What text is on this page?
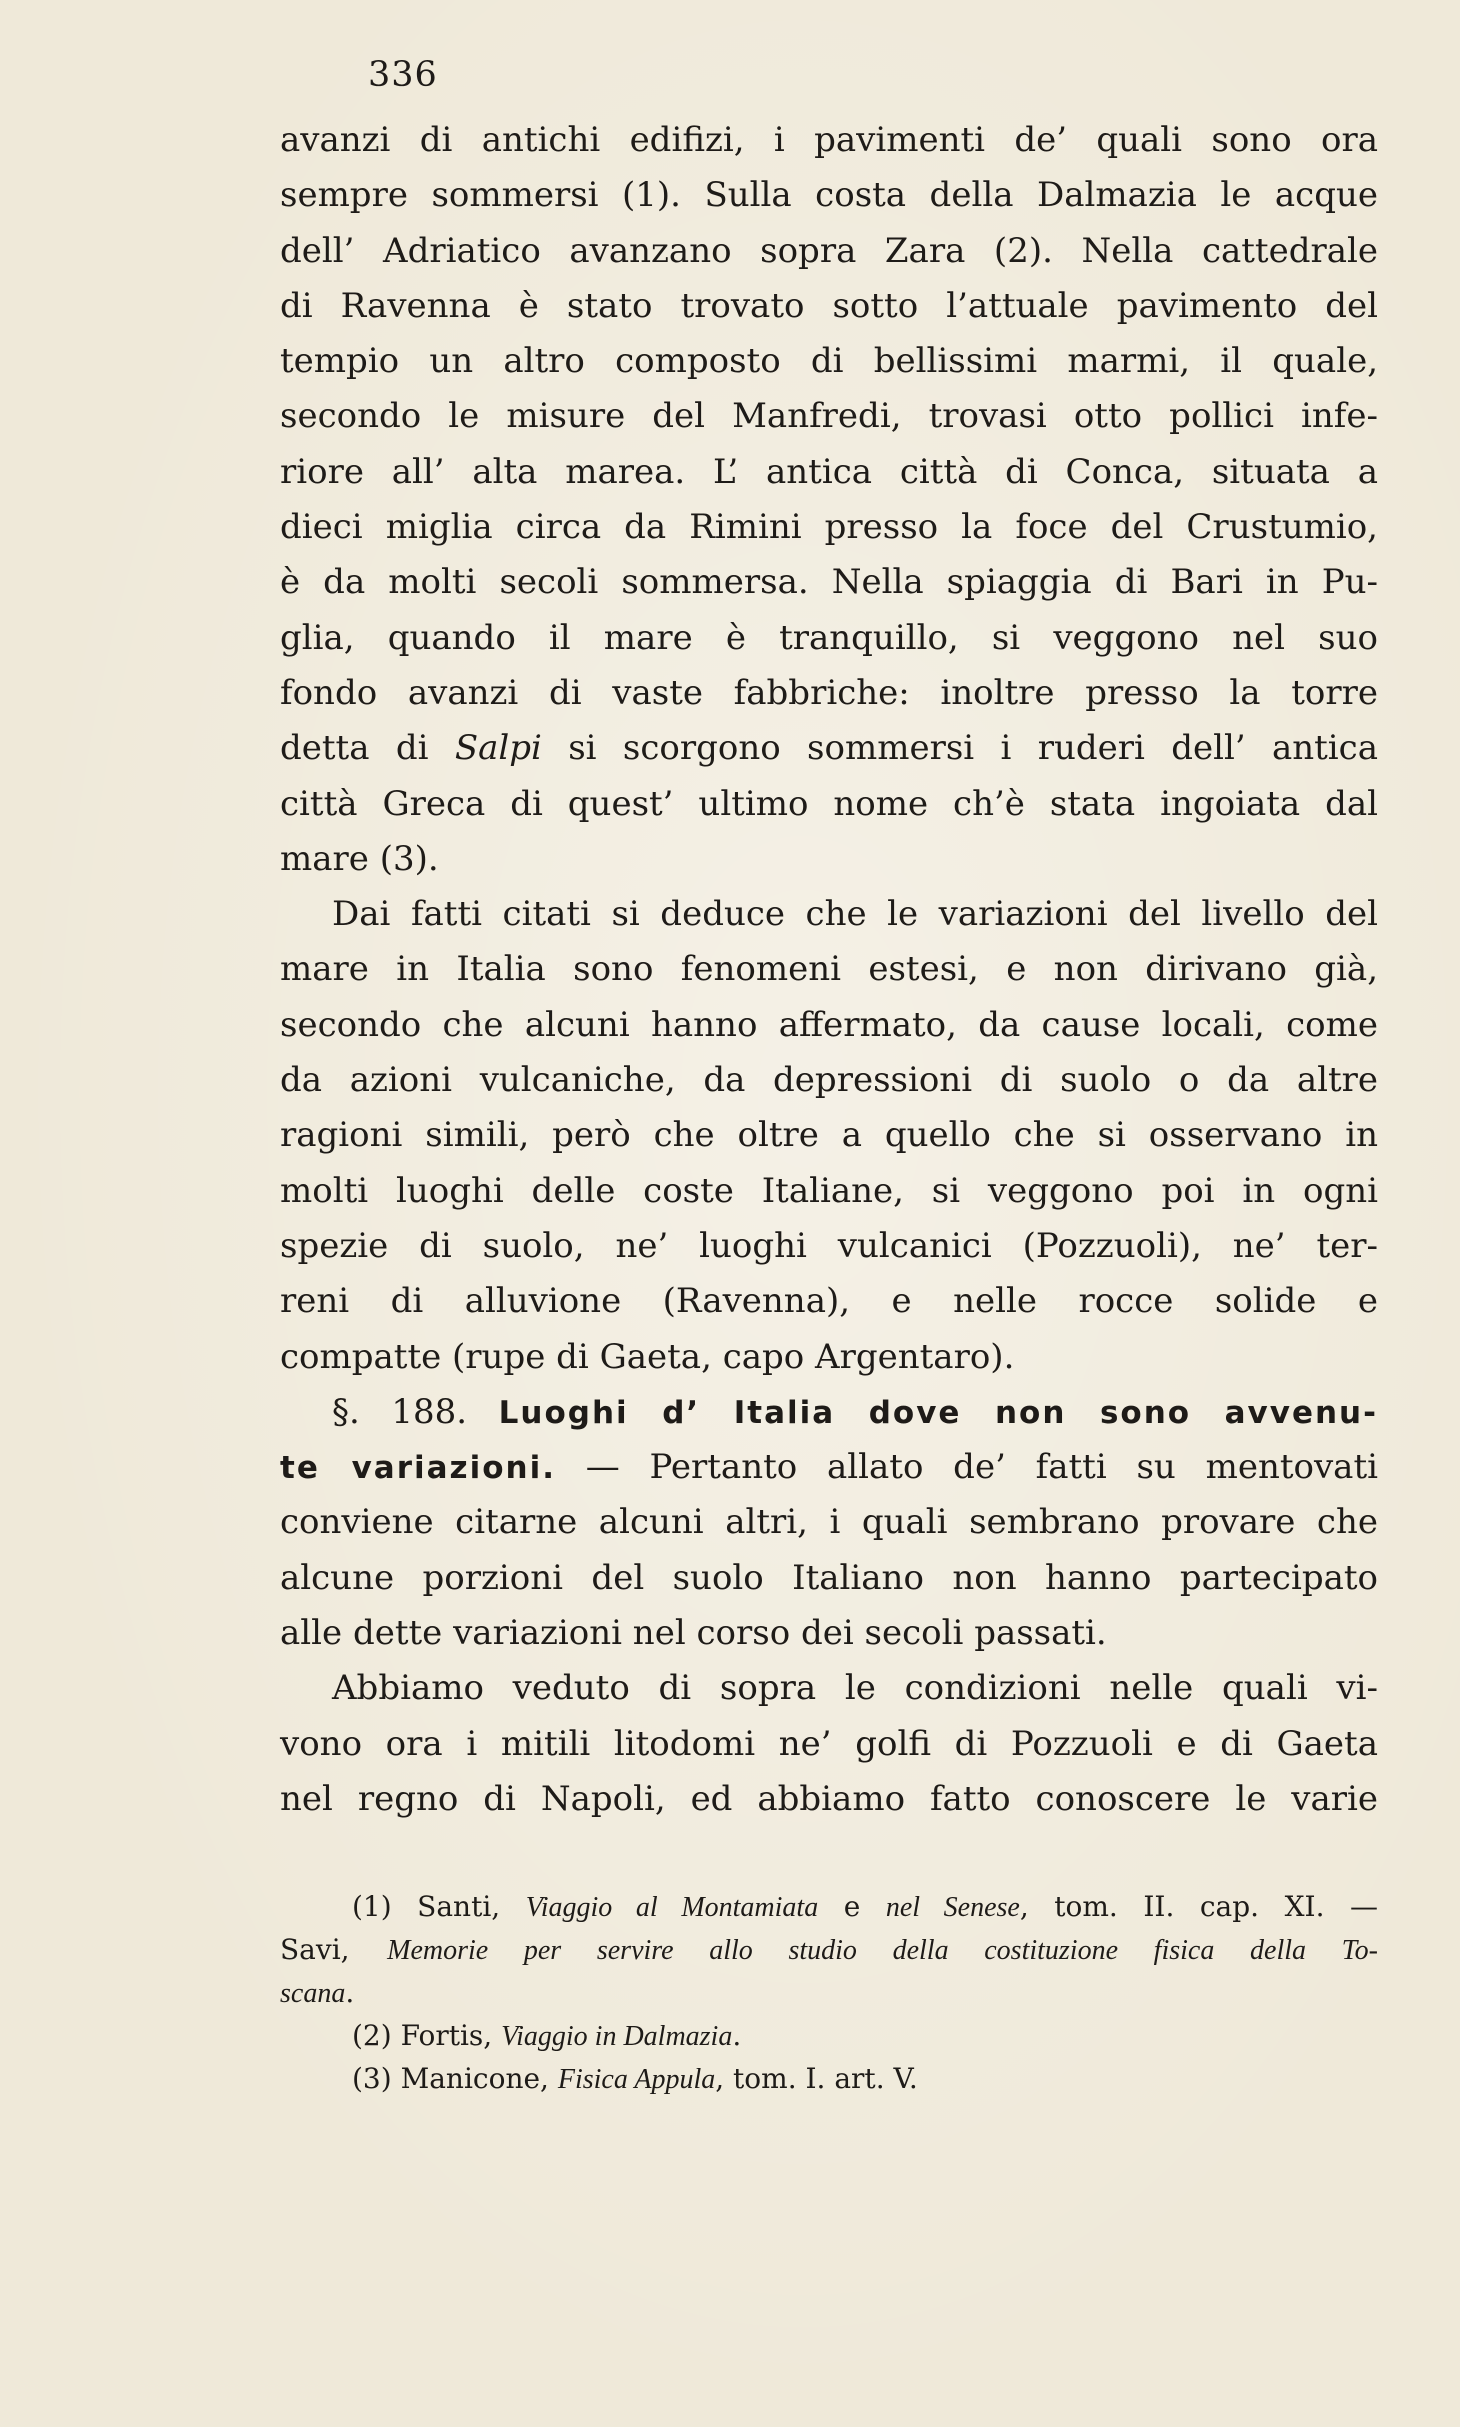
336
avanzi di antichi edifizi, i pavimenti de’ quali sono ora
sempre sommersi (1). Sulla costa della Dalmazia le acque
dell’ Adriatico avanzano sopra Zara (2). Nella cattedrale
di Ravenna è stato trovato sotto l’attuale pavimento del
tempio un altro composto di bellissimi marmi, il quale,
secondo le misure del Manfredi, trovasi otto pollici infe-
riore all’ alta marea. L’ antica città di Conca, situata a
dieci miglia circa da Rimini presso la foce del Crustumio,
è da molti secoli sommersa. Nella spiaggia di Bari in Pu-
glia, quando il mare è tranquillo, si veggono nel suo
fondo avanzi di vaste fabbriche: inoltre presso la torre
detta di Salpi si scorgono sommersi i ruderi dell’ antica
città Greca di quest’ ultimo nome ch’è stata ingoiata dal
mare (3).
Dai fatti citati si deduce che le variazioni del livello del
mare in Italia sono fenomeni estesi, e non dirivano già,
secondo che alcuni hanno affermato, da cause locali, come
da azioni vulcaniche, da depressioni di suolo o da altre
ragioni simili, però che oltre a quello che si osservano in
molti luoghi delle coste Italiane, si veggono poi in ogni
spezie di suolo, ne’ luoghi vulcanici (Pozzuoli), ne’ ter-
reni di alluvione (Ravenna), e nelle rocce solide e
compatte (rupe di Gaeta, capo Argentaro).
§. 188. Luoghi d’ Italia dove non sono avvenu-
te variazioni. — Pertanto allato de’ fatti su mentovati
conviene citarne alcuni altri, i quali sembrano provare che
alcune porzioni del suolo Italiano non hanno partecipato
alle dette variazioni nel corso dei secoli passati.
Abbiamo veduto di sopra le condizioni nelle quali vi-
vono ora i mitili litodomi ne’ golfi di Pozzuoli e di Gaeta
nel regno di Napoli, ed abbiamo fatto conoscere le varie
(1) Santi, Viaggio al Montamiata e nel Senese, tom. II. cap. XI. —
Savi, Memorie per servire allo studio della costituzione fisica della To-
scana.
(2) Fortis, Viaggio in Dalmazia.
(3) Manicone, Fisica Appula, tom. I. art. V.
